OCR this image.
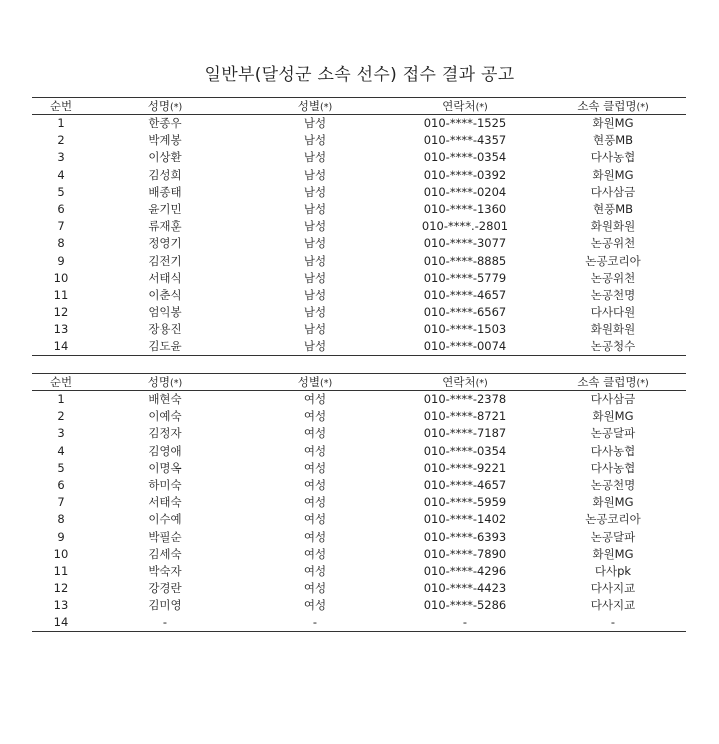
일반부(달성군 소속 선수) 접수 결과 공고
순번	성명(*)	성별(*)	연락처(*)	소속 클럽명(*)
1	한종우	남성	010-****-1525	화원MG
2	박계봉	남성	010-****-4357	현풍MB
3	이상환	남성	010-****-0354	다사농협
4	김성희	남성	010-****-0392	화원MG
5	배종태	남성	010-****-0204	다사삼금
6	윤기민	남성	010-****-1360	현풍MB
7	류재훈	남성	010-****.-2801	화원화원
8	정영기	남성	010-****-3077	논공위천
9	김전기	남성	010-****-8885	논공코리아
10	서태식	남성	010-****-5779	논공위천
11	이춘식	남성	010-****-4657	논공천명
12	엄익봉	남성	010-****-6567	다사다원
13	장용진	남성	010-****-1503	화원화원
14	김도윤	남성	010-****-0074	논공청수
순번	성명(*)	성별(*)	연락처(*)	소속 클럽명(*)
1	배현숙	여성	010-****-2378	다사삼금
2	이예숙	여성	010-****-8721	화원MG
3	김정자	여성	010-****-7187	논공달파
4	김영애	여성	010-****-0354	다사농협
5	이명옥	여성	010-****-9221	다사농협
6	하미숙	여성	010-****-4657	논공천명
7	서태숙	여성	010-****-5959	화원MG
8	이수예	여성	010-****-1402	논공코리아
9	박필순	여성	010-****-6393	논공달파
10	김세숙	여성	010-****-7890	화원MG
11	박숙자	여성	010-****-4296	다사pk
12	강경란	여성	010-****-4423	다사지교
13	김미영	여성	010-****-5286	다사지교
14	-	-	-	-
